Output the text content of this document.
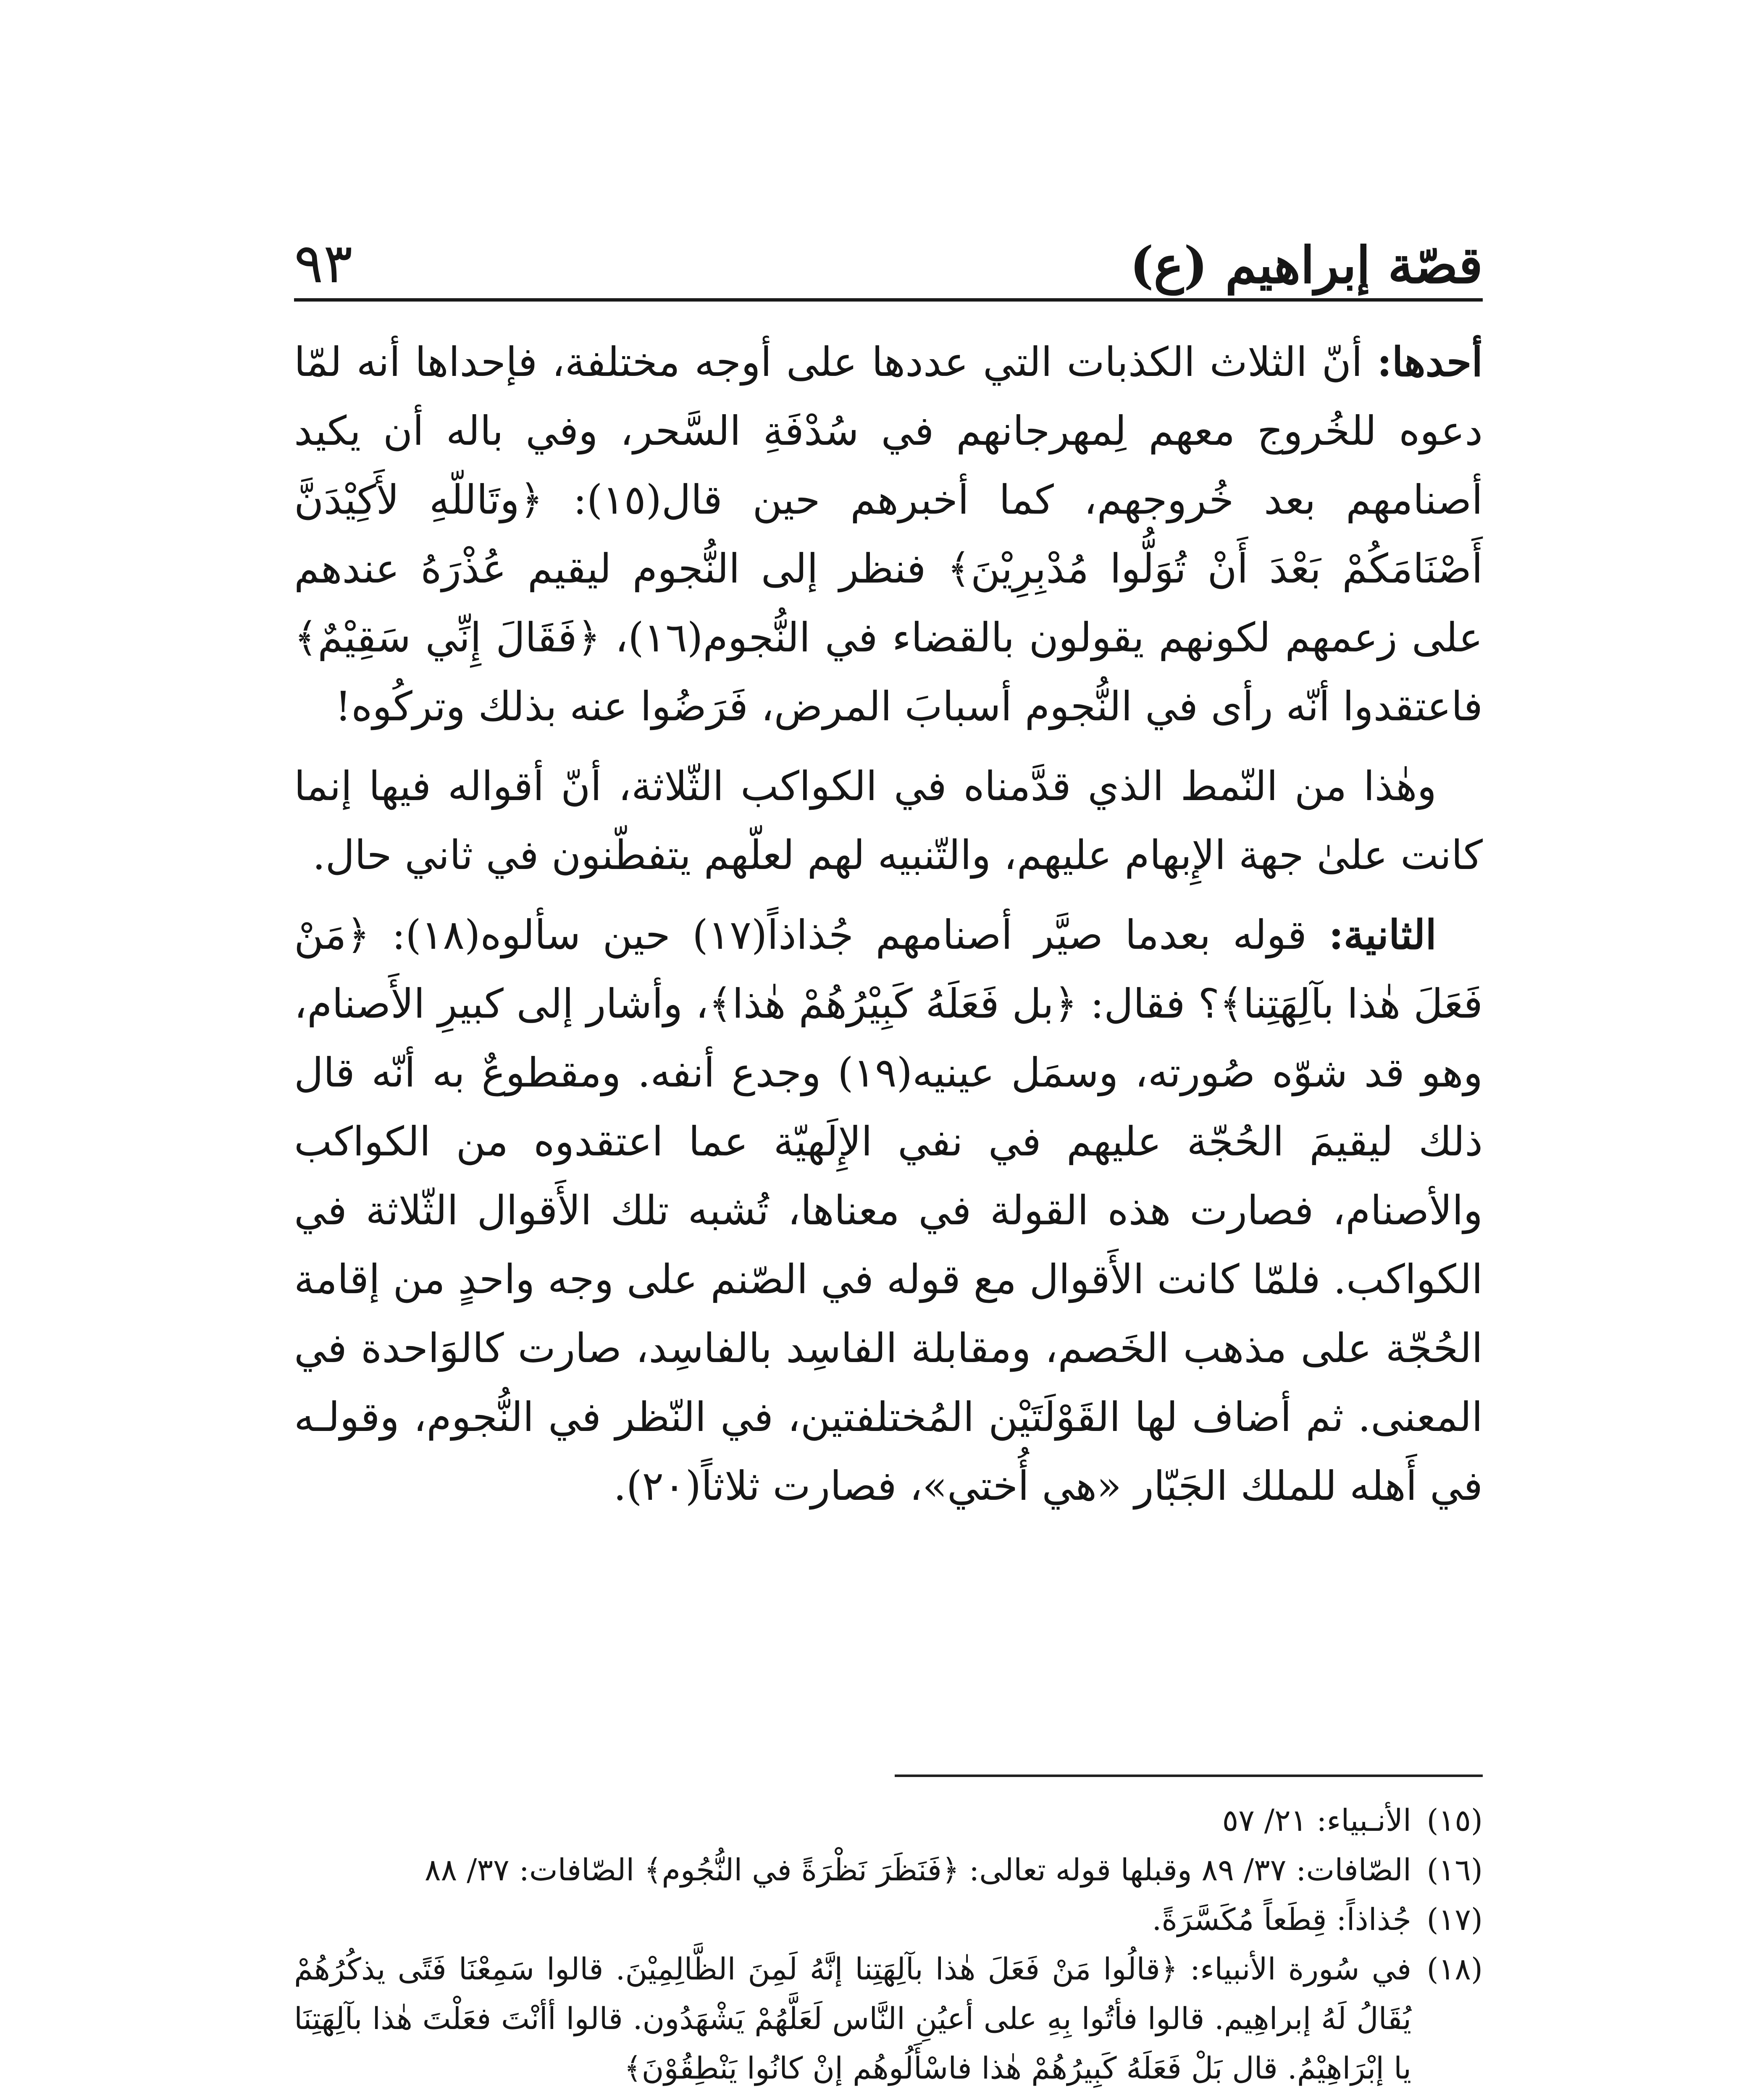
قصّة إبراهيم (ع)
٩٣

أحدها: أنّ الثلاث الكذبات التي عددها على أوجه مختلفة، فإحداها أنه لمّا دعوه للخُروج معهم لِمهرجانهم في سُدْفَةِ السَّحر، وفي باله أن يكيد أصنامهم بعد خُروجهم، كما أخبرهم حين قال(١٥): ﴿وتَاللّهِ لأَكِيْدَنَّ أَصْنَامَكُمْ بَعْدَ أَنْ تُوَلُّوا مُدْبِرِيْنَ﴾ فنظر إلى النُّجوم ليقيم عُذْرَهُ عندهم على زعمهم لكونهم يقولون بالقضاء في النُّجوم(١٦)، ﴿فَقَالَ إِنِّي سَقِيْمٌ﴾ فاعتقدوا أنّه رأى في النُّجوم أسبابَ المرض، فَرَضُوا عنه بذلك وتركُوه!

وهٰذا من النّمط الذي قدَّمناه في الكواكب الثّلاثة، أنّ أقواله فيها إنما كانت علىٰ جهة الإِبهام عليهم، والتّنبيه لهم لعلّهم يتفطّنون في ثاني حال.

الثانية: قوله بعدما صيَّر أصنامهم جُذاذاً(١٧) حين سألوه(١٨): ﴿مَنْ فَعَلَ هٰذا بآلِهَتِنا﴾؟ فقال: ﴿بل فَعَلَهُ كَبِيْرُهُمْ هٰذا﴾، وأشار إلى كبيرِ الأَصنام، وهو قد شوّه صُورته، وسمَل عينيه(١٩) وجدع أنفه. ومقطوعٌ به أنّه قال ذلك ليقيمَ الحُجّة عليهم في نفي الإِلَهيّة عما اعتقدوه من الكواكب والأصنام، فصارت هذه القولة في معناها، تُشبه تلك الأَقوال الثّلاثة في الكواكب. فلمّا كانت الأَقوال مع قوله في الصّنم على وجه واحدٍ من إقامة الحُجّة على مذهب الخَصم، ومقابلة الفاسِد بالفاسِد، صارت كالوَاحدة في المعنى. ثم أضاف لها القَوْلَتَيْن المُختلفتين، في النّظر في النُّجوم، وقولـه في أَهله للملك الجَبّار «هي أُختي»، فصارت ثلاثاً(٢٠).

(١٥)الأنـبياء: ٢١/ ٥٧

(١٦)الصّافات: ٣٧/ ٨٩ وقبلها قوله تعالى: ﴿فَنَظَرَ نَظْرَةً في النُّجُوم﴾ الصّافات: ٣٧/ ٨٨

(١٧)جُذاذاً: قِطَعاً مُكَسَّرَةً.

(١٨)في سُورة الأنبياء: ﴿قالُوا مَنْ فَعَلَ هٰذا بآلِهَتِنا إنَّهُ لَمِنَ الظَّالِمِيْنَ. قالوا سَمِعْنَا فَتًى يذكُرُهُمْ يُقَالُ لَهُ إبراهِيم. قالوا فأتُوا بِهِ على أعيُنِ النَّاس لَعَلَّهُمْ يَشْهَدُون. قالوا أأنْتَ فعَلْتَ هٰذا بآلِهَتِنَا يا إبْرَاهِيْمُ. قال بَلْ فَعَلَهُ كَبِيرُهُمْ هٰذا فاسْأَلُوهُم إنْ كانُوا يَنْطِقُوْنَ﴾
